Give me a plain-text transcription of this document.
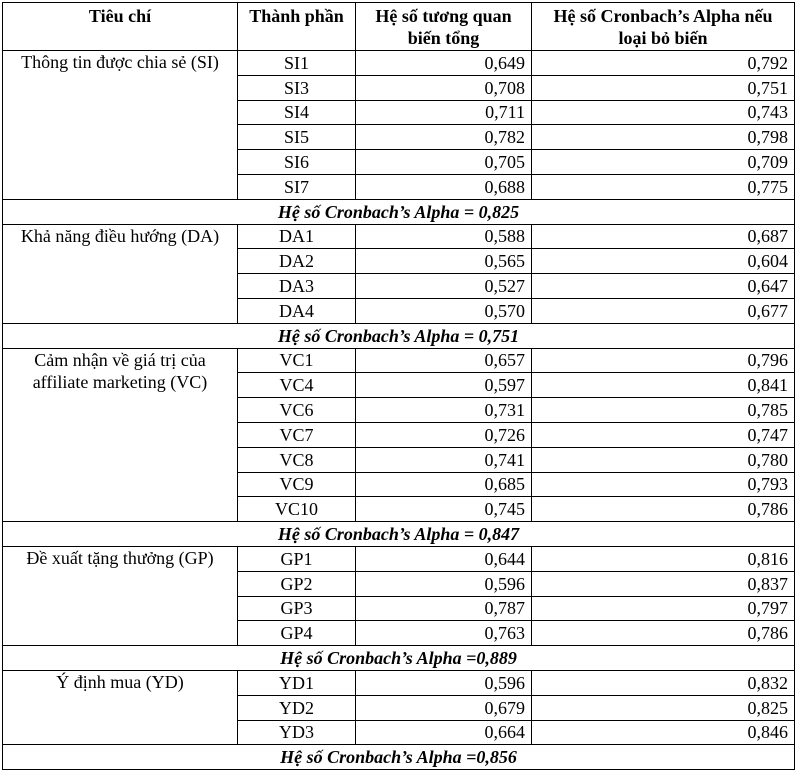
Tiêu chí	Thành phần	Hệ số tương quan biến tổng	Hệ số Cronbach’s Alpha nếu loại bỏ biến
Thông tin được chia sẻ (SI)	SI1	0,649	0,792
	SI3	0,708	0,751
	SI4	0,711	0,743
	SI5	0,782	0,798
	SI6	0,705	0,709
	SI7	0,688	0,775
Hệ số Cronbach’s Alpha = 0,825			
Khả năng điều hướng (DA)	DA1	0,588	0,687
	DA2	0,565	0,604
	DA3	0,527	0,647
	DA4	0,570	0,677
Hệ số Cronbach’s Alpha = 0,751			
Cảm nhận về giá trị của affiliate marketing (VC)	VC1	0,657	0,796
	VC4	0,597	0,841
	VC6	0,731	0,785
	VC7	0,726	0,747
	VC8	0,741	0,780
	VC9	0,685	0,793
	VC10	0,745	0,786
Hệ số Cronbach’s Alpha = 0,847			
Đề xuất tặng thưởng (GP)	GP1	0,644	0,816
	GP2	0,596	0,837
	GP3	0,787	0,797
	GP4	0,763	0,786
Hệ số Cronbach’s Alpha =0,889			
Ý định mua (YD)	YD1	0,596	0,832
	YD2	0,679	0,825
	YD3	0,664	0,846
Hệ số Cronbach’s Alpha =0,856			
